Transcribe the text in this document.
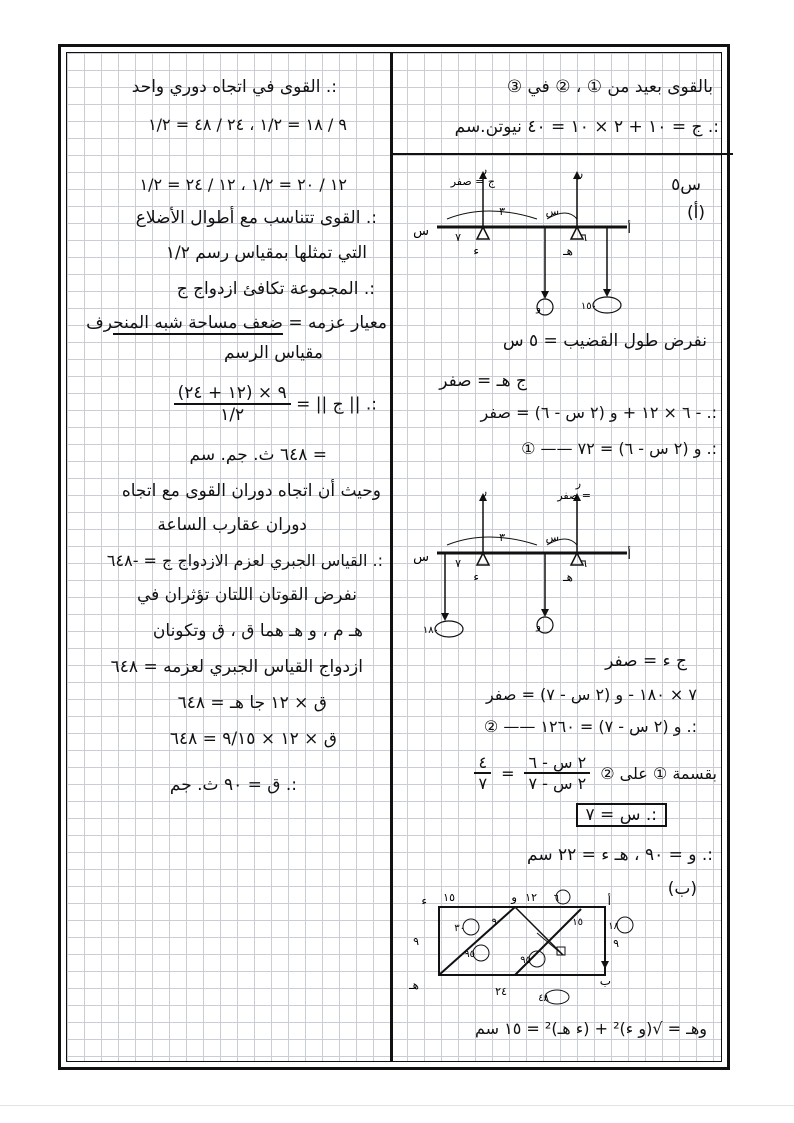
:. القوى في اتجاه دوري واحد
٩ / ١٨ = ١/٢ ، ٢٤ / ٤٨ = ١/٢
١٢ / ٢٠ = ١/٢ ، ١٢ / ٢٤ = ١/٢
:. القوى تتناسب مع أطوال الأضلاع
التي تمثلها بمقياس رسم ١/٢
:. المجموعة تكافئ ازدواج ج
معيار عزمه = ضعف مساحة شبه المنحرف
مقياس الرسم
:. || ج || =
$\frac{٩ \times (١٢ + ٢٤)}{١/٢}$
= ٦٤٨ ث. جم. سم
وحيث أن اتجاه دوران القوى مع اتجاه
دوران عقارب الساعة
:. القياس الجبري لعزم الازدواج ج = -٦٤٨
نفرض القوتان اللتان تؤثران في
هـ م ، و هـ هما ق ، ق وتكونان
ازدواج القياس الجبري لعزمه = ٦٤٨
ق × ١٢ جا هـ = ٦٤٨
ق × ١٢ × ٩/١٥ = ٦٤٨
:. ق = ٩٠ ث. جم
بالقوى بعيد من ① ، ② في ③
:. ج = ١٠ + ٢ × ١٠ = ٤٠ نيوتن.سم
س٥
(أ)
ر
ج = صفر
ر
س
ء	هـ
أ
٧	٦
٣	س
و	١٥٠
نفرض طول القضيب = ٥ س
ج هـ = صفر
:. - ٦ × ١٢ + و (٢ س - ٦) = صفر
:. و (٢ س - ٦) = ٧٢ —— ①
ر
ر
= صفر
س
ء	هـ
أ
٧	٦
٣	س
١٨٠	و
ج ء = صفر
٧ × ١٨٠ - و (٢ س - ٧) = صفر
:. و (٢ س - ٧) = ١٢٦٠ —— ②
بقسمة ① على ②
$\frac{\text{٢ س - ٦}}{\text{٢ س - ٧}}$
=
$\frac{٤}{٧}$
:. س = ٧
:. و = ٩٠ ، هـ ء = ٢٢ سم
(ب)
ء	و	أ
هـ	ب
١٥	١٢ ٦
١٨
٩	٩
٣٠
٩٥
٩٥
٢٤
٤٨
١٥
٩
وهـ = √(و ء)² + (ء هـ)² = ١٥ سم
